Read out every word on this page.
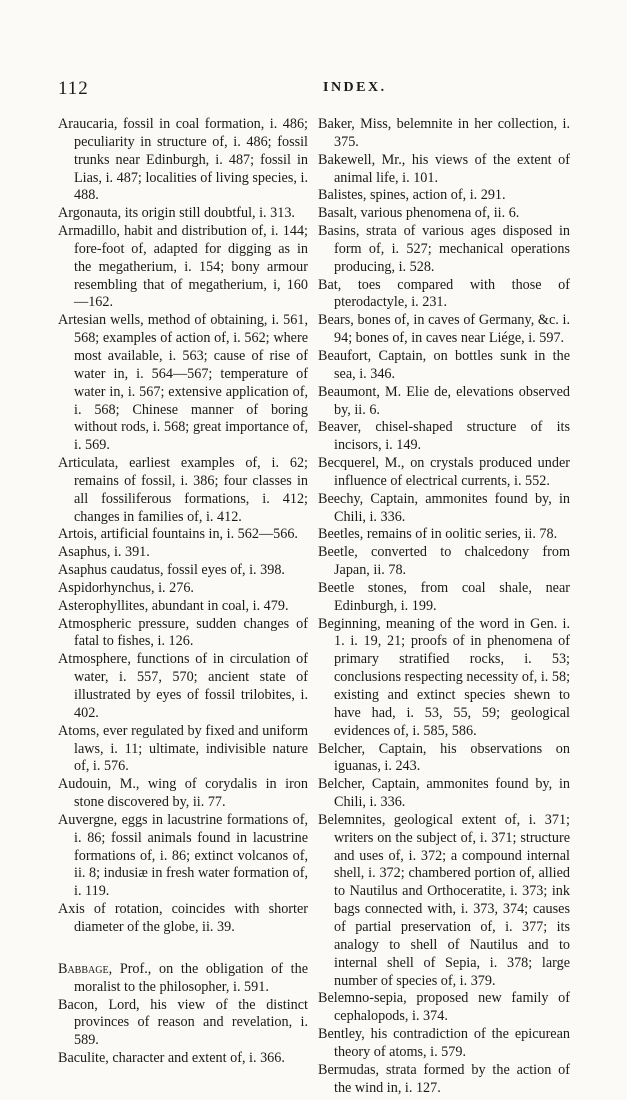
112	INDEX.

Araucaria, fossil in coal formation, i. 486; peculiarity in structure of, i. 486; fossil trunks near Edinburgh, i. 487; fossil in Lias, i. 487; localities of living species, i. 488.

Argonauta, its origin still doubtful, i. 313.

Armadillo, habit and distribution of, i. 144; fore-foot of, adapted for digging as in the megatherium, i. 154; bony armour resembling that of megatherium, i, 160—162.

Artesian wells, method of obtaining, i. 561, 568; examples of action of, i. 562; where most available, i. 563; cause of rise of water in, i. 564—567; temperature of water in, i. 567; extensive application of, i. 568; Chinese manner of boring without rods, i. 568; great importance of, i. 569.

Articulata, earliest examples of, i. 62; remains of fossil, i. 386; four classes in all fossiliferous formations, i. 412; changes in families of, i. 412.

Artois, artificial fountains in, i. 562—566.

Asaphus, i. 391.

Asaphus caudatus, fossil eyes of, i. 398.

Aspidorhynchus, i. 276.

Asterophyllites, abundant in coal, i. 479.

Atmospheric pressure, sudden changes of fatal to fishes, i. 126.

Atmosphere, functions of in circulation of water, i. 557, 570; ancient state of illustrated by eyes of fossil trilobites, i. 402.

Atoms, ever regulated by fixed and uniform laws, i. 11; ultimate, indivisible nature of, i. 576.

Audouin, M., wing of corydalis in iron stone discovered by, ii. 77.

Auvergne, eggs in lacustrine formations of, i. 86; fossil animals found in lacustrine formations of, i. 86; extinct volcanos of, ii. 8; indusiæ in fresh water formation of, i. 119.

Axis of rotation, coincides with shorter diameter of the globe, ii. 39.

Babbage, Prof., on the obligation of the moralist to the philosopher, i. 591.

Bacon, Lord, his view of the distinct provinces of reason and revelation, i. 589.

Baculite, character and extent of, i. 366.

Baker, Miss, belemnite in her collection, i. 375.

Bakewell, Mr., his views of the extent of animal life, i. 101.

Balistes, spines, action of, i. 291.

Basalt, various phenomena of, ii. 6.

Basins, strata of various ages disposed in form of, i. 527; mechanical operations producing, i. 528.

Bat, toes compared with those of pterodactyle, i. 231.

Bears, bones of, in caves of Germany, &c. i. 94; bones of, in caves near Liége, i. 597.

Beaufort, Captain, on bottles sunk in the sea, i. 346.

Beaumont, M. Elie de, elevations observed by, ii. 6.

Beaver, chisel-shaped structure of its incisors, i. 149.

Becquerel, M., on crystals produced under influence of electrical currents, i. 552.

Beechy, Captain, ammonites found by, in Chili, i. 336.

Beetles, remains of in oolitic series, ii. 78.

Beetle, converted to chalcedony from Japan, ii. 78.

Beetle stones, from coal shale, near Edinburgh, i. 199.

Beginning, meaning of the word in Gen. i. 1. i. 19, 21; proofs of in phenomena of primary stratified rocks, i. 53; conclusions respecting necessity of, i. 58; existing and extinct species shewn to have had, i. 53, 55, 59; geological evidences of, i. 585, 586.

Belcher, Captain, his observations on iguanas, i. 243.

Belcher, Captain, ammonites found by, in Chili, i. 336.

Belemnites, geological extent of, i. 371; writers on the subject of, i. 371; structure and uses of, i. 372; a compound internal shell, i. 372; chambered portion of, allied to Nautilus and Orthoceratite, i. 373; ink bags connected with, i. 373, 374; causes of partial preservation of, i. 377; its analogy to shell of Nautilus and to internal shell of Sepia, i. 378; large number of species of, i. 379.

Belemno-sepia, proposed new family of cephalopods, i. 374.

Bentley, his contradiction of the epicurean theory of atoms, i. 579.

Bermudas, strata formed by the action of the wind in, i. 127.
